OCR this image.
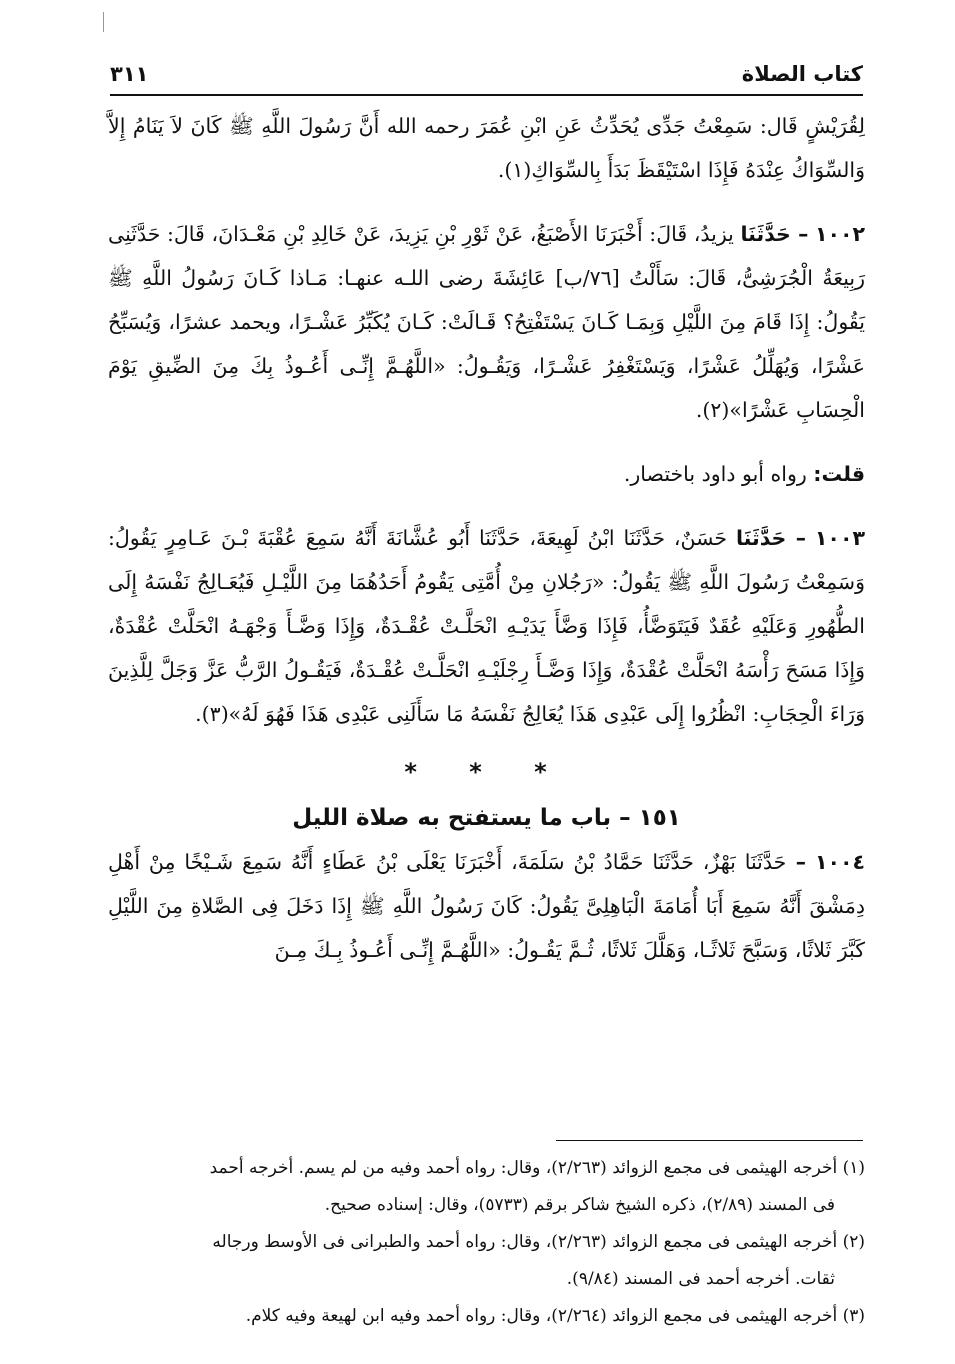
كتاب الصلاة
٣١١

لِقُرَيْشٍ قَال: سَمِعْتُ جَدِّى يُحَدِّثُ عَنِ ابْنِ عُمَرَ رحمه الله أَنَّ رَسُولَ اللَّهِ ﷺ كَانَ لاَ يَنَامُ إِلاَّ وَالسِّوَاكُ عِنْدَهُ فَإِذَا اسْتَيْقَظَ بَدَأَ بِالسِّوَاكِ(١).

١٠٠٢ – حَدَّثَنَا يزيدُ، قَالَ: أَخْبَرَنَا الأَصْبَغُ، عَنْ ثَوْرِ بْنِ يَزِيدَ، عَنْ خَالِدِ بْنِ مَعْـدَانَ، قَالَ: حَدَّثَنِى رَبِيعَةُ الْجُرَشِىُّ، قَالَ: سَأَلْتُ [٧٦/ب] عَائِشَةَ رضى اللـه عنهـا: مَـاذا كَـانَ رَسُولُ اللَّهِ ﷺ يَقُولُ: إِذَا قَامَ مِنَ اللَّيْلِ وَبِمَـا كَـانَ يَسْتَفْتِحُ؟ قَـالَتْ: كَـانَ يُكَبِّرُ عَشْـرًا، ويحمد عشرًا، وَيُسَبِّحُ عَشْرًا، وَيُهَلِّلُ عَشْرًا، وَيَسْتَغْفِرُ عَشْـرًا، وَيَقُـولُ: «اللَّهُـمَّ إِنِّـى أَعُـوذُ بِكَ مِنَ الضِّيقِ يَوْمَ الْحِسَابِ عَشْرًا»(٢).

قلت: رواه أبو داود باختصار.

١٠٠٣ – حَدَّثَنَا حَسَنٌ، حَدَّثَنَا ابْنُ لَهِيعَةَ، حَدَّثَنَا أَبُو عُشَّانَةَ أَنَّهُ سَمِعَ عُقْبَةَ بْـنَ عَـامِرٍ يَقُولُ: وَسَمِعْتُ رَسُولَ اللَّهِ ﷺ يَقُولُ: «رَجُلانِ مِنْ أُمَّتِى يَقُومُ أَحَدُهُمَا مِنَ اللَّيْـلِ فَيُعَـالِجُ نَفْسَهُ إِلَى الطُّهُورِ وَعَلَيْهِ عُقَدٌ فَيَتَوَضَّأُ، فَإِذَا وَضَّأَ يَدَيْـهِ انْحَلَّـتْ عُقْـدَةٌ، وَإِذَا وَضَّـأَ وَجْهَـهُ انْحَلَّتْ عُقْدَةٌ، وَإِذَا مَسَحَ رَأْسَهُ انْحَلَّتْ عُقْدَةٌ، وَإِذَا وَضَّـأَ رِجْلَيْـهِ انْحَلَّـتْ عُقْـدَةٌ، فَيَقُـولُ الرَّبُّ عَزَّ وَجَلَّ لِلَّذِينَ وَرَاءَ الْحِجَابِ: انْظُرُوا إِلَى عَبْدِى هَذَا يُعَالِجُ نَفْسَهُ مَا سَأَلَنِى عَبْدِى هَذَا فَهُوَ لَهُ»(٣).

* * *

١٥١ – باب ما يستفتح به صلاة الليل

١٠٠٤ – حَدَّثَنَا بَهْزٌ، حَدَّثَنَا حَمَّادُ بْنُ سَلَمَةَ، أَخْبَرَنَا يَعْلَى بْنُ عَطَاءٍ أَنَّهُ سَمِعَ شَـيْخًا مِنْ أَهْلِ دِمَشْقَ أَنَّهُ سَمِعَ أَبَا أُمَامَةَ الْبَاهِلِىَّ يَقُولُ: كَانَ رَسُولُ اللَّهِ ﷺ إِذَا دَخَلَ فِى الصَّلاةِ مِنَ اللَّيْلِ كَبَّرَ ثَلاثًا، وَسَبَّحَ ثَلاثًـا، وَهَلَّلَ ثَلاثًا، ثُـمَّ يَقُـولُ: «اللَّهُـمَّ إِنِّـى أَعُـوذُ بِـكَ مِـنَ

(١) أخرجه الهيثمى فى مجمع الزوائد (٢/٢٦٣)، وقال: رواه أحمد وفيه من لم يسم. أخرجه أحمد

فى المسند (٢/٨٩)، ذكره الشيخ شاكر برقم (٥٧٣٣)، وقال: إسناده صحيح.

(٢) أخرجه الهيثمى فى مجمع الزوائد (٢/٢٦٣)، وقال: رواه أحمد والطبرانى فى الأوسط ورجاله

ثقات. أخرجه أحمد فى المسند (٩/٨٤).

(٣) أخرجه الهيثمى فى مجمع الزوائد (٢/٢٦٤)، وقال: رواه أحمد وفيه ابن لهيعة وفيه كلام.
